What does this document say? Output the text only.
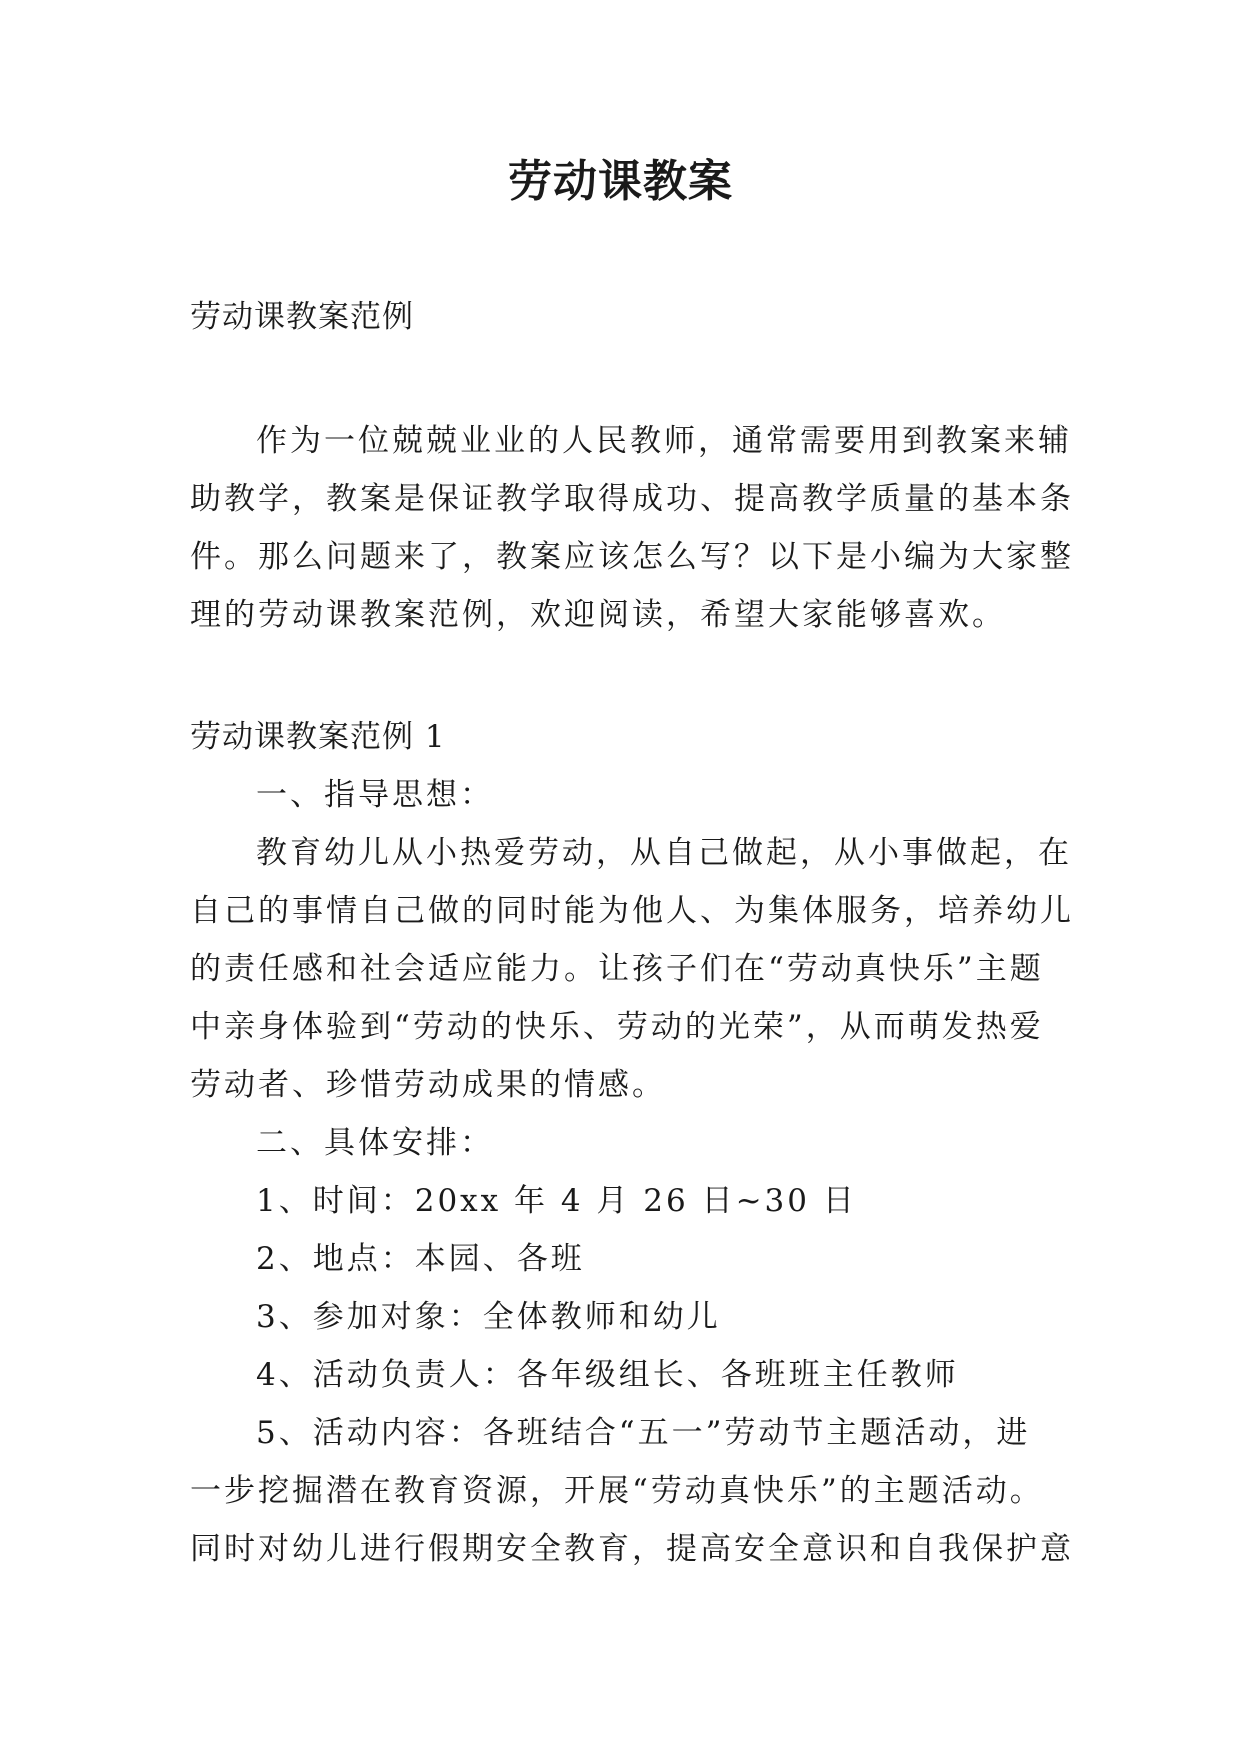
劳动课教案

劳动课教案范例

作为一位兢兢业业的人民教师，通常需要用到教案来辅

助教学，教案是保证教学取得成功、提高教学质量的基本条

件。那么问题来了，教案应该怎么写？以下是小编为大家整

理的劳动课教案范例，欢迎阅读，希望大家能够喜欢。

劳动课教案范例 1

一、指导思想：

教育幼儿从小热爱劳动，从自己做起，从小事做起，在

自己的事情自己做的同时能为他人、为集体服务，培养幼儿

的责任感和社会适应能力。让孩子们在“劳动真快乐”主题

中亲身体验到“劳动的快乐、劳动的光荣”，从而萌发热爱

劳动者、珍惜劳动成果的情感。

二、具体安排：

1、时间：20xx 年 4 月 26 日~30 日

2、地点：本园、各班

3、参加对象：全体教师和幼儿

4、活动负责人：各年级组长、各班班主任教师

5、活动内容：各班结合“五一”劳动节主题活动，进

一步挖掘潜在教育资源，开展“劳动真快乐”的主题活动。

同时对幼儿进行假期安全教育，提高安全意识和自我保护意
